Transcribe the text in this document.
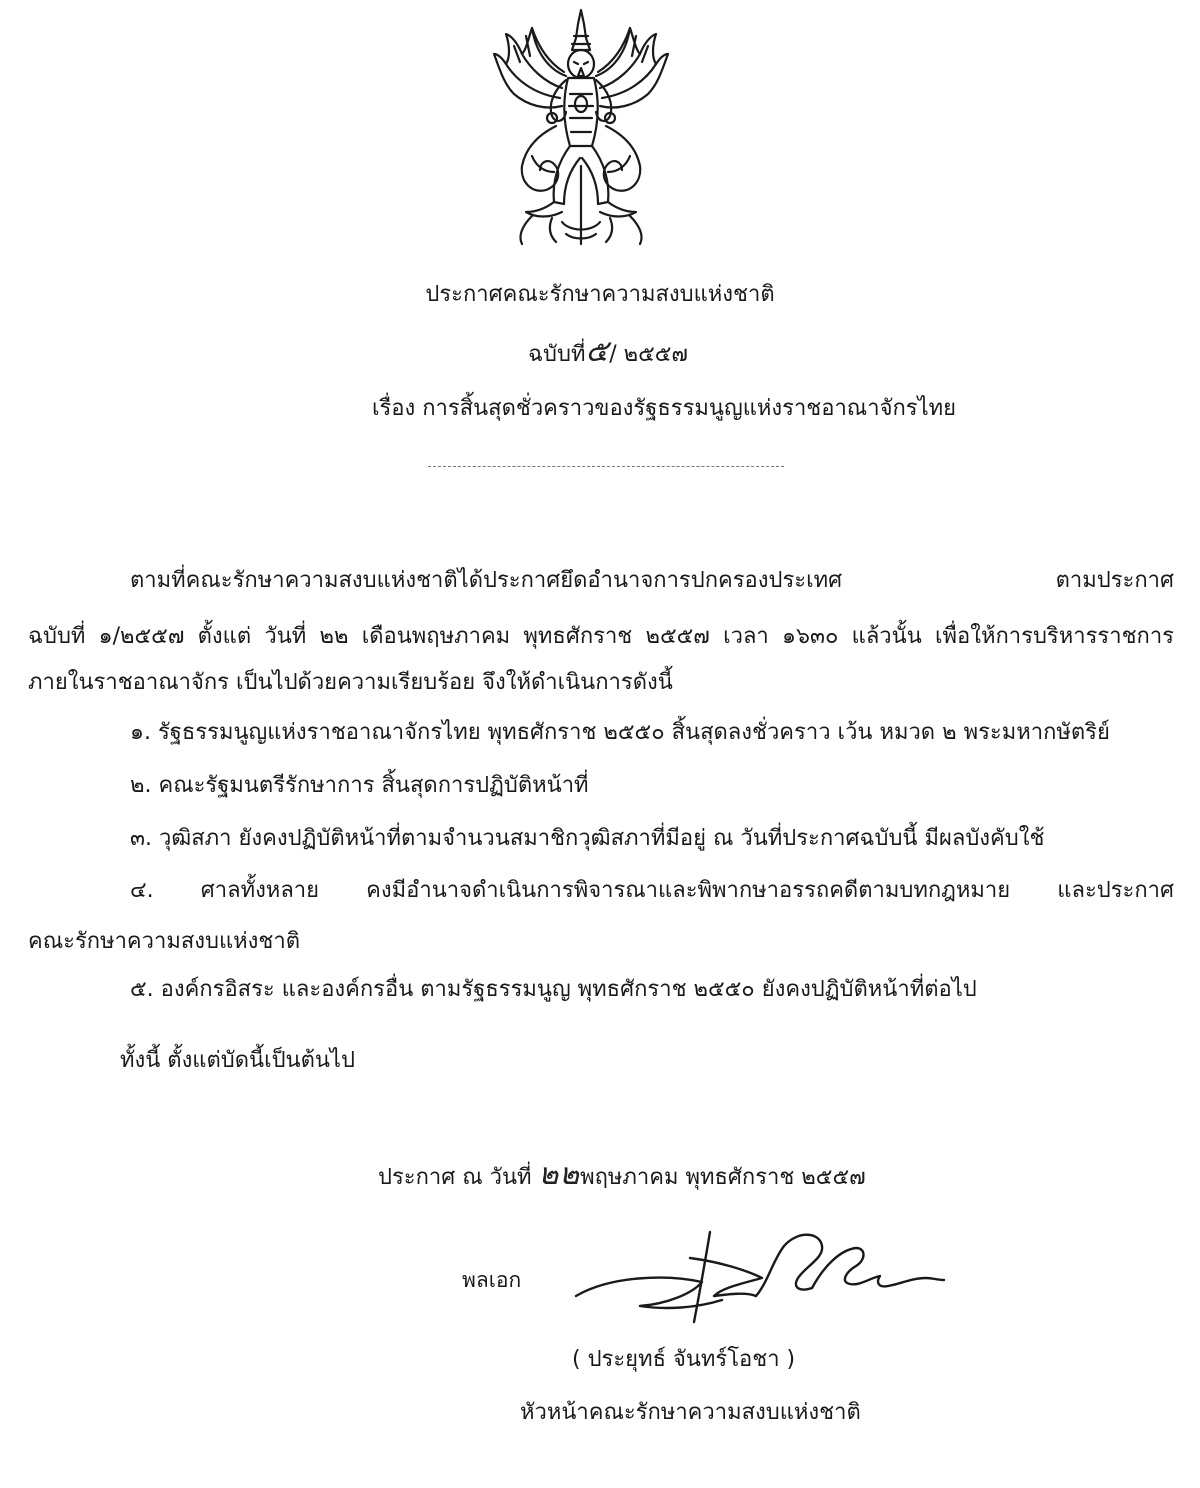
ประกาศคณะรักษาความสงบแห่งชาติ
ฉบับที่๕/ ๒๕๕๗
เรื่อง การสิ้นสุดชั่วคราวของรัฐธรรมนูญแห่งราชอาณาจักรไทย
ตามที่คณะรักษาความสงบแห่งชาติได้ประกาศยึดอำนาจการปกครองประเทศ ตามประกาศ
ฉบับที่ ๑/๒๕๕๗ ตั้งแต่ วันที่ ๒๒ เดือนพฤษภาคม พุทธศักราช ๒๕๕๗ เวลา ๑๖๓๐ แล้วนั้น เพื่อให้การบริหารราชการ
ภายในราชอาณาจักร เป็นไปด้วยความเรียบร้อย จึงให้ดำเนินการดังนี้
๑. รัฐธรรมนูญแห่งราชอาณาจักรไทย พุทธศักราช ๒๕๕๐ สิ้นสุดลงชั่วคราว เว้น หมวด ๒ พระมหากษัตริย์
๒. คณะรัฐมนตรีรักษาการ สิ้นสุดการปฏิบัติหน้าที่
๓. วุฒิสภา ยังคงปฏิบัติหน้าที่ตามจำนวนสมาชิกวุฒิสภาที่มีอยู่ ณ วันที่ประกาศฉบับนี้ มีผลบังคับใช้
๔. ศาลทั้งหลาย คงมีอำนาจดำเนินการพิจารณาและพิพากษาอรรถคดีตามบทกฎหมาย และประกาศ
คณะรักษาความสงบแห่งชาติ
๕. องค์กรอิสระ และองค์กรอื่น ตามรัฐธรรมนูญ พุทธศักราช ๒๕๕๐ ยังคงปฏิบัติหน้าที่ต่อไป
ทั้งนี้ ตั้งแต่บัดนี้เป็นต้นไป
ประกาศ ณ วันที่ ๒๒พฤษภาคม พุทธศักราช ๒๕๕๗
พลเอก
( ประยุทธ์ จันทร์โอชา )
หัวหน้าคณะรักษาความสงบแห่งชาติ
